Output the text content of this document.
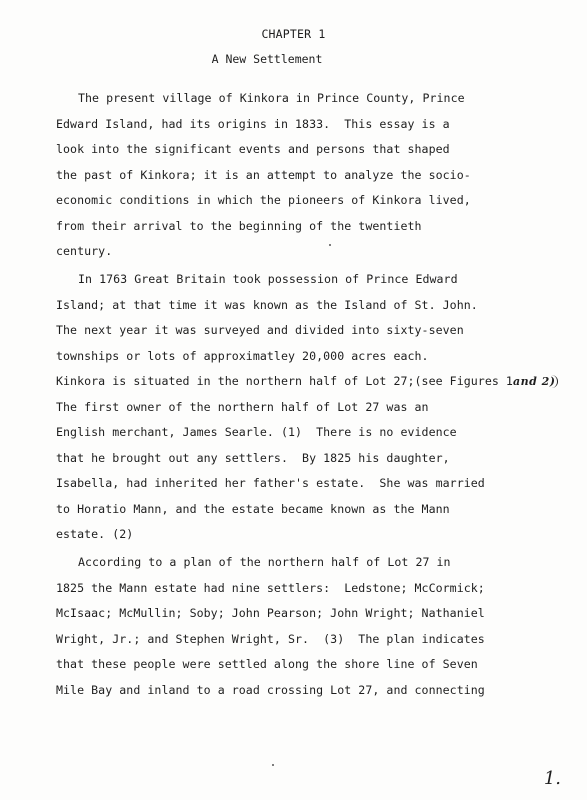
CHAPTER 1
A New Settlement
The present village of Kinkora in Prince County, Prince
Edward Island, had its origins in 1833.  This essay is a
look into the significant events and persons that shaped
the past of Kinkora; it is an attempt to analyze the socio-
economic conditions in which the pioneers of Kinkora lived,
from their arrival to the beginning of the twentieth
century.
In 1763 Great Britain took possession of Prince Edward
Island; at that time it was known as the Island of St. John.
The next year it was surveyed and divided into sixty-seven
townships or lots of approximatley 20,000 acres each.
Kinkora is situated in the northern half of Lot 27;(see Figures 1and 2)
The first owner of the northern half of Lot 27 was an
English merchant, James Searle. (1)  There is no evidence
that he brought out any settlers.  By 1825 his daughter,
Isabella, had inherited her father's estate.  She was married
to Horatio Mann, and the estate became known as the Mann
estate. (2)
According to a plan of the northern half of Lot 27 in
1825 the Mann estate had nine settlers:  Ledstone; McCormick;
McIsaac; McMullin; Soby; John Pearson; John Wright; Nathaniel
Wright, Jr.; and Stephen Wright, Sr.  (3)  The plan indicates
that these people were settled along the shore line of Seven
Mile Bay and inland to a road crossing Lot 27, and connecting
1.
